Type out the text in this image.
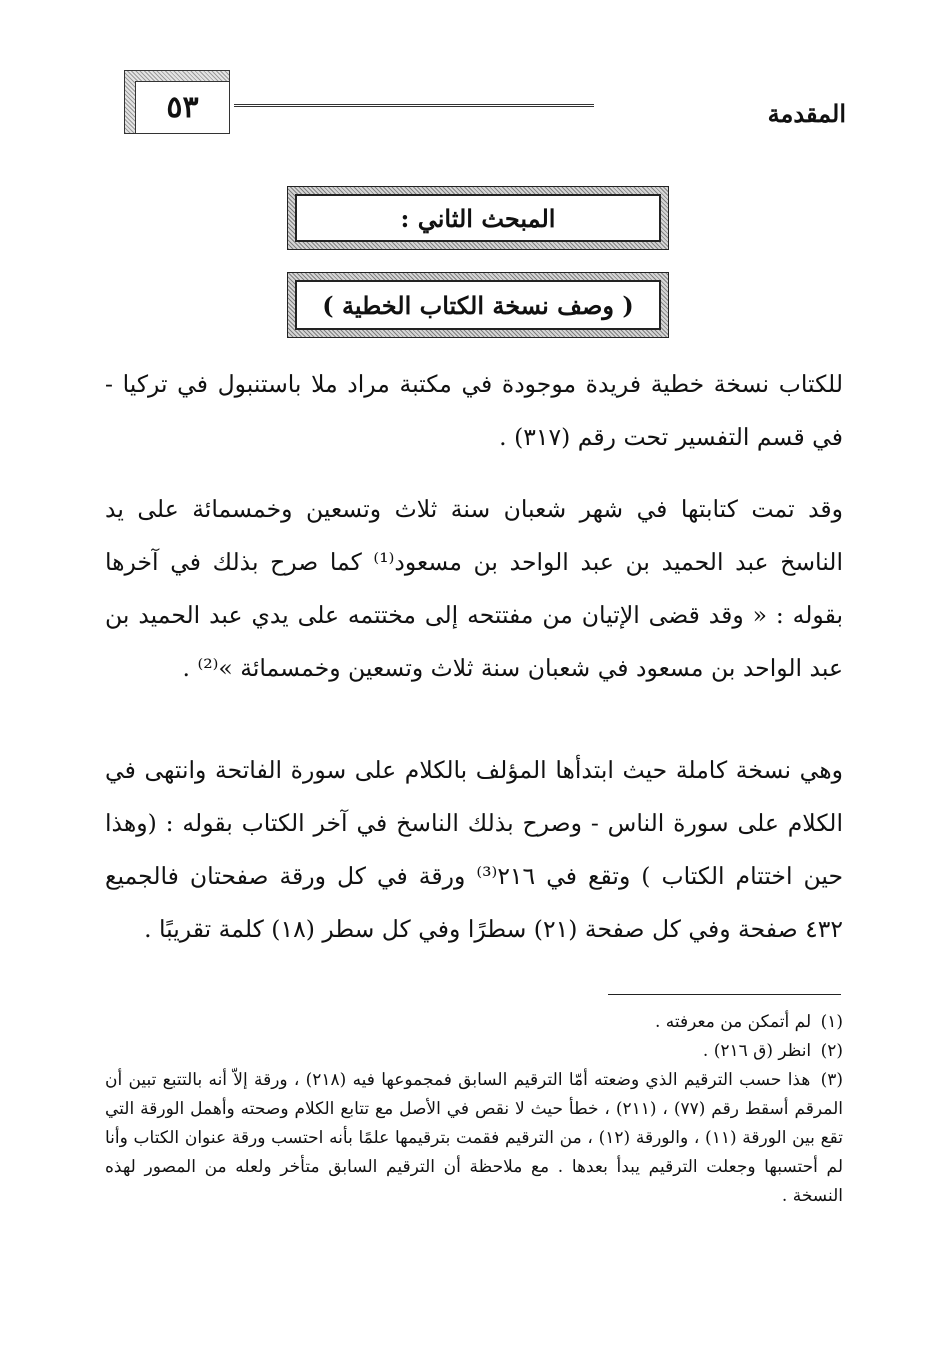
٥٣	المقدمة
المبحث الثاني :
( وصف نسخة الكتاب الخطية )

للكتاب نسخة خطية فريدة موجودة في مكتبة مراد ملا باستنبول في تركيا - في قسم التفسير تحت رقم (٣١٧) .

وقد تمت كتابتها في شهر شعبان سنة ثلاث وتسعين وخمسمائة على يد الناسخ عبد الحميد بن عبد الواحد بن مسعود⁽¹⁾ كما صرح بذلك في آخرها بقوله : « وقد قضى الإتيان من مفتتحه إلى مختتمه على يدي عبد الحميد بن عبد الواحد بن مسعود في شعبان سنة ثلاث وتسعين وخمسمائة »⁽²⁾ .

وهي نسخة كاملة حيث ابتدأها المؤلف بالكلام على سورة الفاتحة وانتهى في الكلام على سورة الناس - وصرح بذلك الناسخ في آخر الكتاب بقوله : (وهذا حين اختتام الكتاب ) وتقع في ٢١٦⁽³⁾ ورقة في كل ورقة صفحتان فالجميع ٤٣٢ صفحة وفي كل صفحة (٢١) سطرًا وفي كل سطر (١٨) كلمة تقريبًا .

(١) لم أتمكن من معرفته .

(٢) انظر (ق ٢١٦) .

(٣) هذا حسب الترقيم الذي وضعته أمّا الترقيم السابق فمجموعها فيه (٢١٨) ، ورقة إلاّ أنه بالتتبع تبين أن المرقم أسقط رقم (٧٧) ، (٢١١) ، خطأ حيث لا نقص في الأصل مع تتابع الكلام وصحته وأهمل الورقة التي تقع بين الورقة (١١) ، والورقة (١٢) ، من الترقيم فقمت بترقيمها علمًا بأنه احتسب ورقة عنوان الكتاب وأنا لم أحتسبها وجعلت الترقيم يبدأ بعدها . مع ملاحظة أن الترقيم السابق متأخر ولعله من المصور لهذه النسخة .
